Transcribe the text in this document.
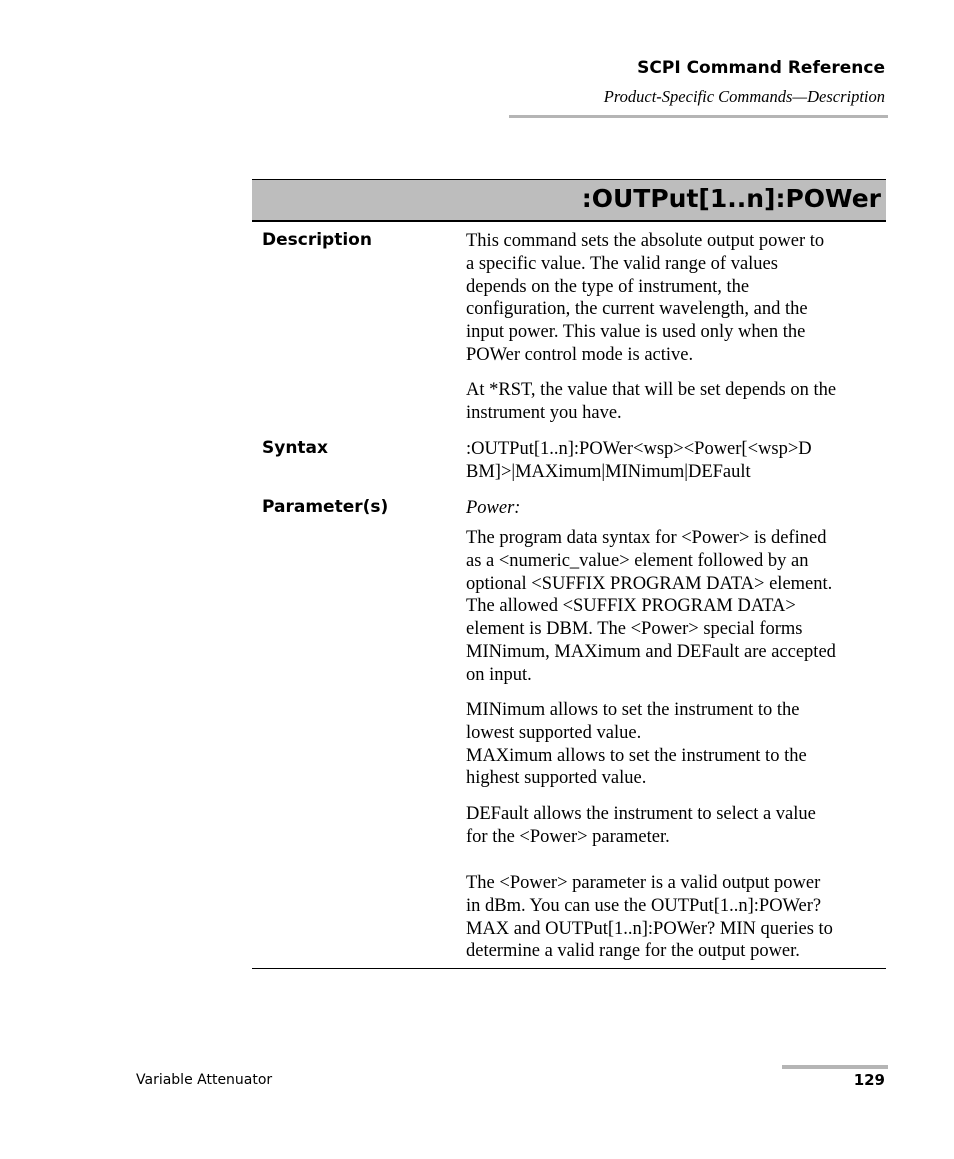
SCPI Command Reference
Product-Specific Commands—Description
:OUTPut[1..n]:POWer
Description	This command sets the absolute output power to
a specific value. The valid range of values
depends on the type of instrument, the
configuration, the current wavelength, and the
input power. This value is used only when the
POWer control mode is active.

At *RST, the value that will be set depends on the
instrument you have.

Syntax	:OUTPut[1..n]:POWer<wsp><Power[<wsp>D
BM]>|MAXimum|MINimum|DEFault

Parameter(s)	Power:

The program data syntax for <Power> is defined
as a <numeric_value> element followed by an
optional <SUFFIX PROGRAM DATA> element.
The allowed <SUFFIX PROGRAM DATA>
element is DBM. The <Power> special forms
MINimum, MAXimum and DEFault are accepted
on input.

MINimum allows to set the instrument to the
lowest supported value.
MAXimum allows to set the instrument to the
highest supported value.

DEFault allows the instrument to select a value
for the <Power> parameter.

The <Power> parameter is a valid output power
in dBm. You can use the OUTPut[1..n]:POWer?
MAX and OUTPut[1..n]:POWer? MIN queries to
determine a valid range for the output power.

Variable Attenuator	129
